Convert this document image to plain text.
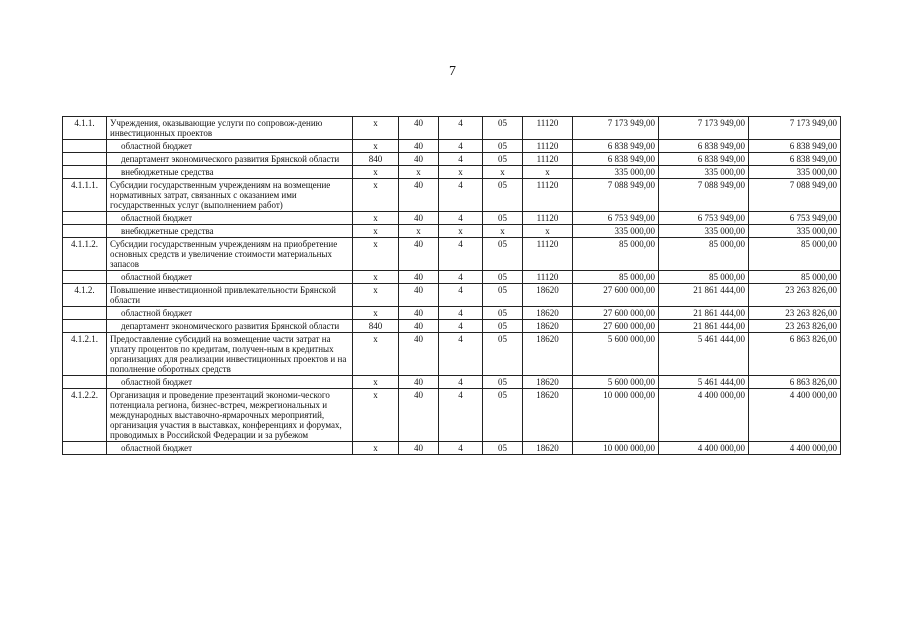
7
4.1.1.	Учреждения, оказывающие услуги по сопровож-дению инвестиционных проектов	х	40	4	05	11120	7 173 949,00	7 173 949,00	7 173 949,00
	областной бюджет	х	40	4	05	11120	6 838 949,00	6 838 949,00	6 838 949,00
	департамент экономического развития Брянской области	840	40	4	05	11120	6 838 949,00	6 838 949,00	6 838 949,00
	внебюджетные средства	х	х	х	х	х	335 000,00	335 000,00	335 000,00
4.1.1.1.	Субсидии государственным учреждениям на возмещение нормативных затрат, связанных с оказанием ими государственных услуг (выполнением работ)	х	40	4	05	11120	7 088 949,00	7 088 949,00	7 088 949,00
	областной бюджет	х	40	4	05	11120	6 753 949,00	6 753 949,00	6 753 949,00
	внебюджетные средства	х	х	х	х	х	335 000,00	335 000,00	335 000,00
4.1.1.2.	Субсидии государственным учреждениям на приобретение основных средств и увеличение стоимости материальных запасов	х	40	4	05	11120	85 000,00	85 000,00	85 000,00
	областной бюджет	х	40	4	05	11120	85 000,00	85 000,00	85 000,00
4.1.2.	Повышение инвестиционной привлекательности Брянской области	х	40	4	05	18620	27 600 000,00	21 861 444,00	23 263 826,00
	областной бюджет	х	40	4	05	18620	27 600 000,00	21 861 444,00	23 263 826,00
	департамент экономического развития Брянской области	840	40	4	05	18620	27 600 000,00	21 861 444,00	23 263 826,00
4.1.2.1.	Предоставление субсидий на возмещение части затрат на уплату процентов по кредитам, получен-ным в кредитных организациях для реализации инвестиционных проектов и на пополнение оборотных средств	х	40	4	05	18620	5 600 000,00	5 461 444,00	6 863 826,00
	областной бюджет	х	40	4	05	18620	5 600 000,00	5 461 444,00	6 863 826,00
4.1.2.2.	Организация и проведение презентаций экономи-ческого потенциала региона, бизнес-встреч, межрегиональных и международных выставочно-ярмарочных мероприятий, организация участия в выставках, конференциях и форумах, проводимых в Российской Федерации и за рубежом	х	40	4	05	18620	10 000 000,00	4 400 000,00	4 400 000,00
	областной бюджет	х	40	4	05	18620	10 000 000,00	4 400 000,00	4 400 000,00
